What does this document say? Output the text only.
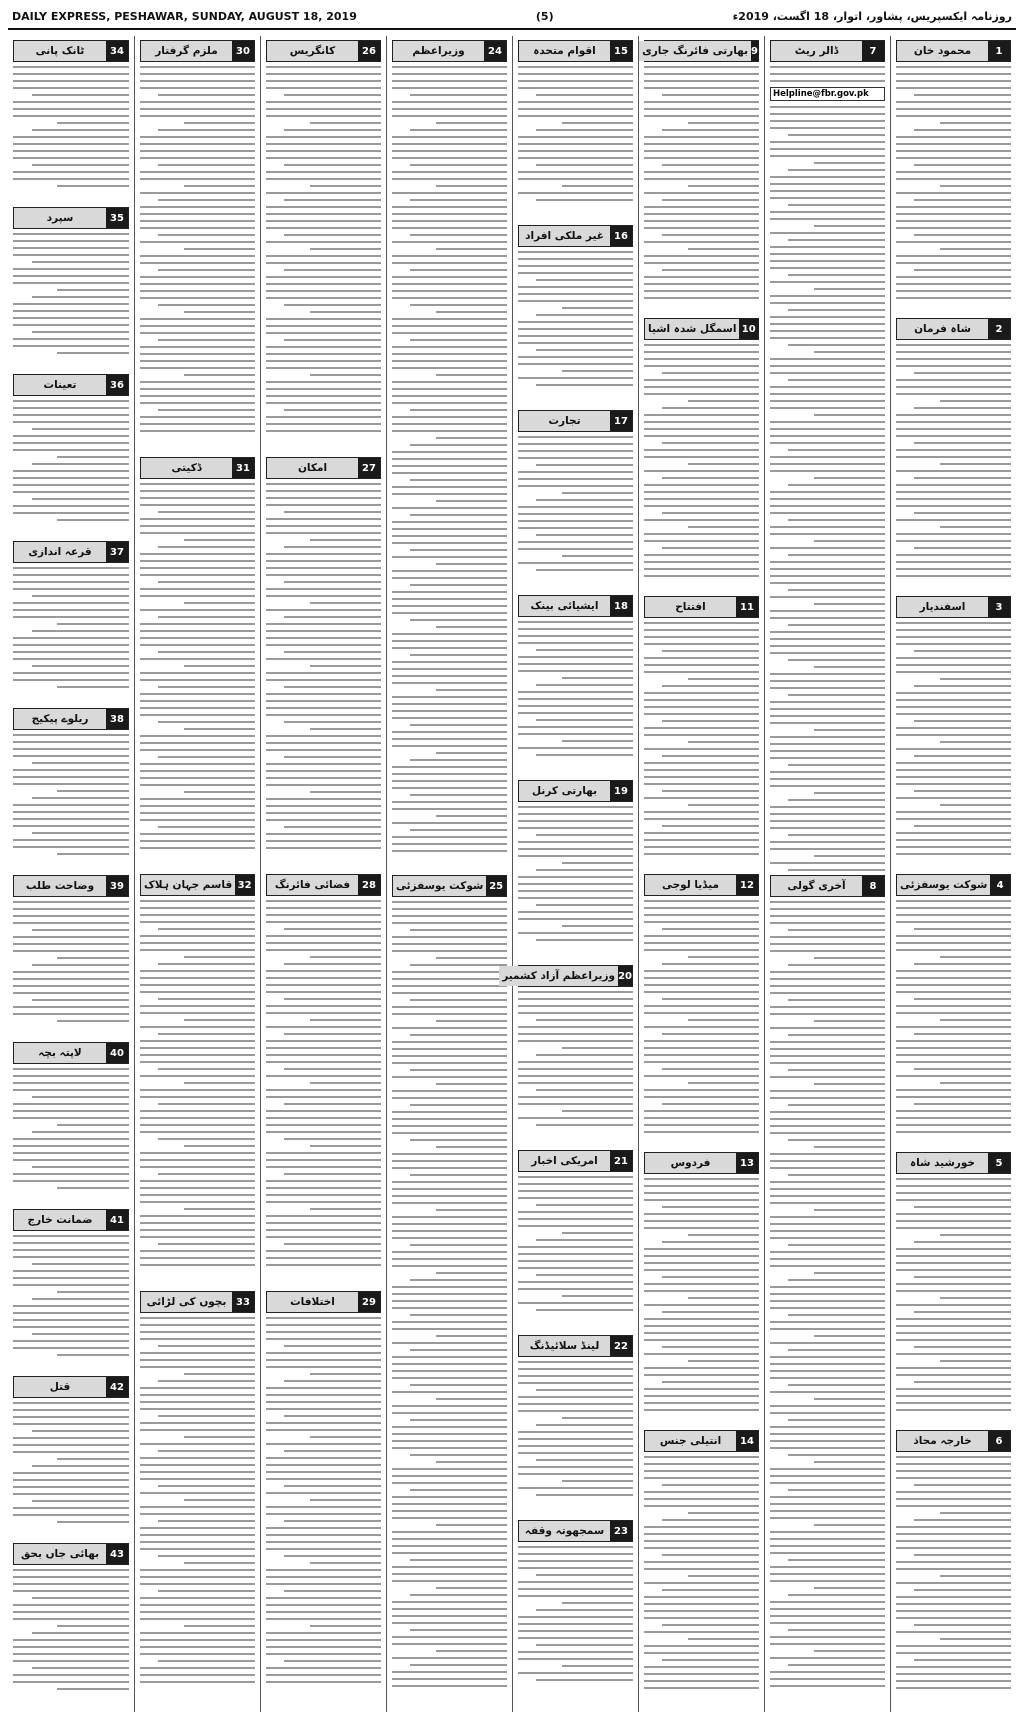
DAILY EXPRESS, PESHAWAR, SUNDAY, AUGUST 18, 2019	(5)	روزنامہ ایکسپریس، پشاور، اتوار، 18 اگست، 2019ء
1
محمود خان
2
شاہ فرمان
3
اسفندیار
4
شوکت یوسفزئی
5
خورشید شاہ
6
خارجہ محاذ
7
ڈالر ریٹ
Helpline@fbr.gov.pk
8
آخری گولی
9
بھارتی فائرنگ جاری
10
اسمگل شدہ اشیا
11
افتتاح
12
میڈیا لوجی
13
فردوس
14
انتیلی جنس
15
اقوام متحدہ
16
غیر ملکی افراد
17
تجارت
18
ایشیائی بینک
19
بھارتی کرنل
20
وزیراعظم آزاد کشمیر
21
امریکی اخبار
22
لینڈ سلائیڈنگ
23
سمجھوتہ وقفہ
24
وزیراعظم
25
شوکت یوسفزئی
26
کانگریس
27
امکان
28
فضائی فائرنگ
29
اختلافات
30
ملزم گرفتار
31
ڈکیتی
32
قاسم جہان ہلاک
33
بچوں کی لڑائی
34
ٹانک پانی
35
سپرد
36
تعینات
37
قرعہ اندازی
38
ریلوے پیکیج
39
وضاحت طلب
40
لاپتہ بچہ
41
ضمانت خارج
42
قتل
43
بھائی جاں بحق
